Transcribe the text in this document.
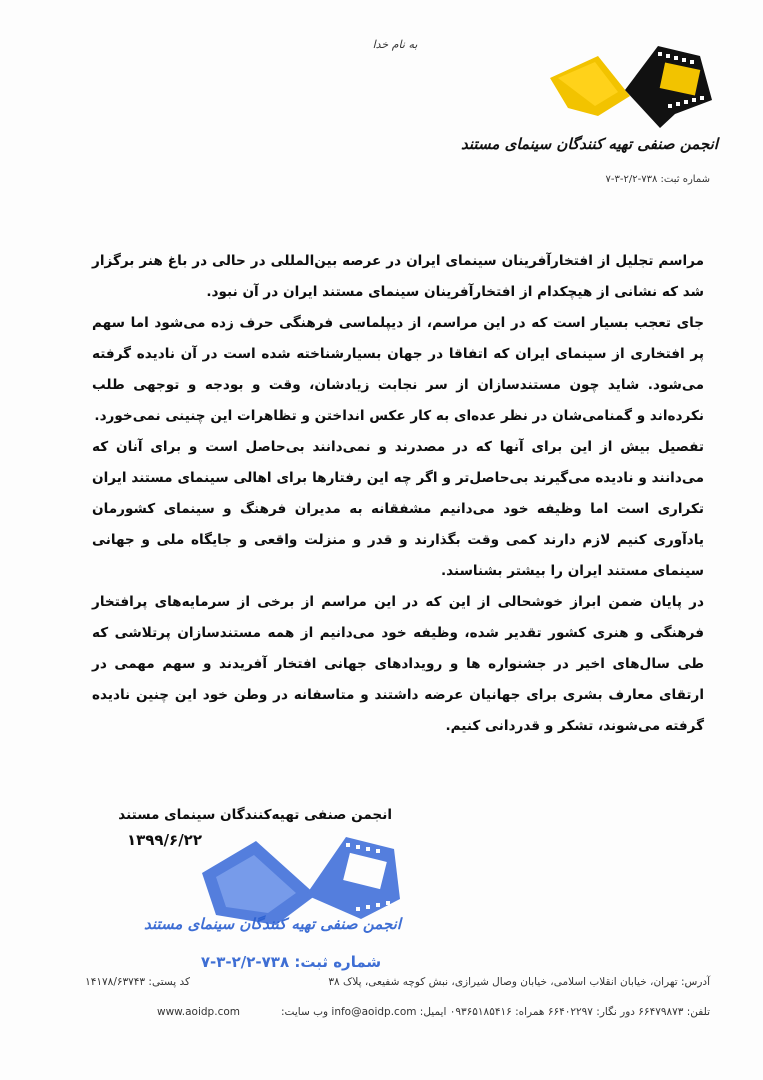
به نام خدا
انجمن صنفی تهیه کنندگان سینمای مستند
شماره ثبت: ۷۳۸-۲/۲-۳-۷

مراسم تجلیل از افتخارآفرینان سینمای ایران در عرصه بین‌المللی در حالی در باغ هنر برگزار شد که نشانی از هیچکدام از افتخارآفرینان سینمای مستند ایران در آن نبود.

جای تعجب بسیار است که در این مراسم، از دیپلماسی فرهنگی حرف زده می‌شود اما سهم پر افتخاری از سینمای ایران که اتفاقا در جهان بسیارشناخته شده است در آن نادیده گرفته می‌شود. شاید چون مستندسازان از سر نجابت زیادشان، وقت و بودجه و توجهی طلب نکرده‌اند و گمنامی‌شان در نظر عده‌ای به کار عکس انداختن و تظاهرات این چنینی نمی‌خورد.

تفصیل بیش از این برای آنها که در مصدرند و نمی‌دانند بی‌حاصل است و برای آنان که می‌دانند و نادیده می‌گیرند بی‌حاصل‌تر و اگر چه این رفتارها برای اهالی سینمای مستند ایران تکراری است اما وظیفه خود می‌دانیم مشفقانه به مدیران فرهنگ و سینمای کشورمان یادآوری کنیم لازم دارند کمی وقت بگذارند و قدر و منزلت واقعی و جایگاه ملی و جهانی سینمای مستند ایران را بیشتر بشناسند.

در پایان ضمن ابراز خوشحالی از این که در این مراسم از برخی از سرمایه‌های پرافتخار فرهنگی و هنری کشور تقدیر شده، وظیفه خود می‌دانیم از همه مستندسازان پرتلاشی که طی سال‌های اخیر در جشنواره ها و رویدادهای جهانی افتخار آفریدند و سهم مهمی در ارتقای معارف بشری برای جهانیان عرضه داشتند و متاسفانه در وطن خود این چنین نادیده گرفته می‌شوند، تشکر و قدردانی کنیم.

انجمن صنفی تهیه‌کنندگان سینمای مستند
۱۳۹۹/۶/۲۲
انجمن صنفی تهیه کنندگان سینمای مستند
شماره ثبت: ۷۳۸-۲/۲-۳-۷
آدرس: تهران، خیابان انقلاب اسلامی، خیابان وصال شیرازی، نبش کوچه شفیعی، پلاک ۳۸
کد پستی: ۱۴۱۷۸/۶۳۷۴۳
تلفن: ۶۶۴۷۹۸۷۳ دور نگار: ۶۶۴۰۲۲۹۷ همراه: ۰۹۳۶۵۱۸۵۴۱۶ ایمیل: info@aoidp.com وب سایت:
www.aoidp.com
